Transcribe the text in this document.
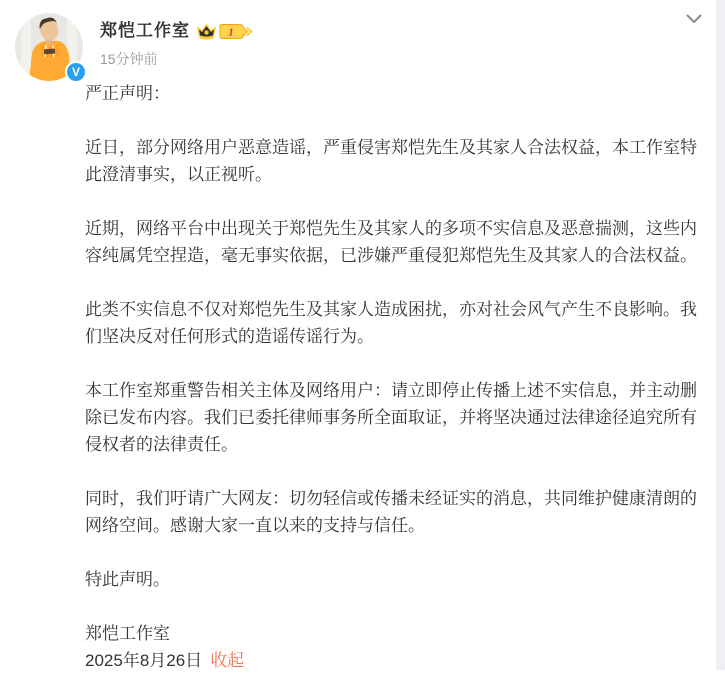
V
郑恺工作室	1
15分钟前

严正声明：

近日，部分网络用户恶意造谣，严重侵害郑恺先生及其家人合法权益，本工作室特此澄清事实，以正视听。

近期，网络平台中出现关于郑恺先生及其家人的多项不实信息及恶意揣测，这些内容纯属凭空捏造，毫无事实依据，已涉嫌严重侵犯郑恺先生及其家人的合法权益。

此类不实信息不仅对郑恺先生及其家人造成困扰，亦对社会风气产生不良影响。我们坚决反对任何形式的造谣传谣行为。

本工作室郑重警告相关主体及网络用户：请立即停止传播上述不实信息，并主动删除已发布内容。我们已委托律师事务所全面取证，并将坚决通过法律途径追究所有侵权者的法律责任。

同时，我们吁请广大网友：切勿轻信或传播未经证实的消息，共同维护健康清朗的网络空间。感谢大家一直以来的支持与信任。

特此声明。

郑恺工作室

2025年8月26日 收起
